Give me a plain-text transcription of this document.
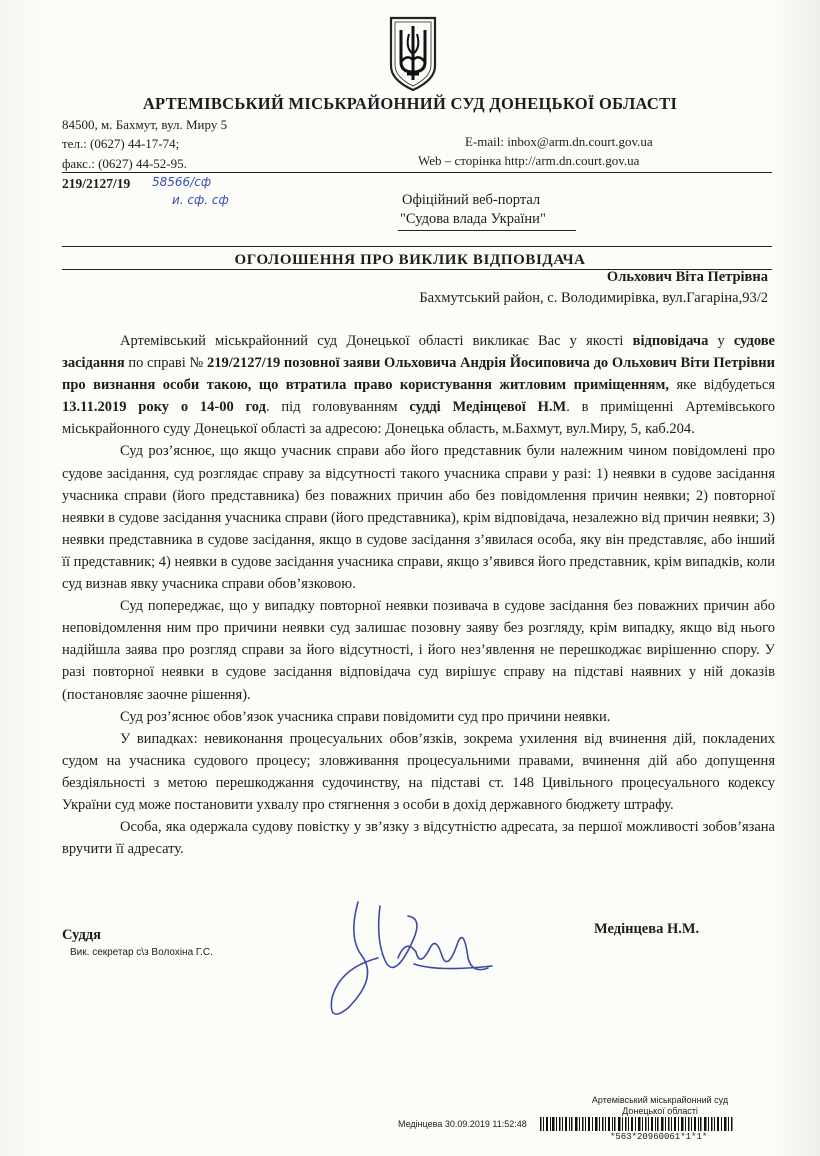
АРТЕМІВСЬКИЙ МІСЬКРАЙОННИЙ СУД ДОНЕЦЬКОЇ ОБЛАСТІ
84500, м. Бахмут, вул. Миру 5
тел.: (0627) 44-17-74;
факс.: (0627) 44-52-95.
E-mail: inbox@arm.dn.court.gov.ua
Web – сторінка http://arm.dn.court.gov.ua
219/2127/19 58566/сф
и. сф. сф	Офіційний веб-портал
"Судова влада України"
ОГОЛОШЕННЯ ПРО ВИКЛИК ВІДПОВІДАЧА
Ольхович Віта Петрівна
Бахмутський район, с. Володимирівка, вул.Гагаріна,93/2

Артемівський міськрайонний суд Донецької області викликає Вас у якості відповідача у судове засідання по справі № 219/2127/19 позовної заяви Ольховича Андрія Йосиповича до Ольхович Віти Петрівни про визнання особи такою, що втратила право користування житловим приміщенням, яке відбудеться 13.11.2019 року о 14-00 год. під головуванням судді Медінцевої Н.М. в приміщенні Артемівського міськрайонного суду Донецької області за адресою: Донецька область, м.Бахмут, вул.Миру, 5, каб.204.

Суд роз’яснює, що якщо учасник справи або його представник були належним чином повідомлені про судове засідання, суд розглядає справу за відсутності такого учасника справи у разі: 1) неявки в судове засідання учасника справи (його представника) без поважних причин або без повідомлення причин неявки; 2) повторної неявки в судове засідання учасника справи (його представника), крім відповідача, незалежно від причин неявки; 3) неявки представника в судове засідання, якщо в судове засідання з’явилася особа, яку він представляє, або інший її представник; 4) неявки в судове засідання учасника справи, якщо з’явився його представник, крім випадків, коли суд визнав явку учасника справи обов’язковою.

Суд попереджає, що у випадку повторної неявки позивача в судове засідання без поважних причин або неповідомлення ним про причини неявки суд залишає позовну заяву без розгляду, крім випадку, якщо від нього надійшла заява про розгляд справи за його відсутності, і його нез’явлення не перешкоджає вирішенню спору. У разі повторної неявки в судове засідання відповідача суд вирішує справу на підставі наявних у ній доказів (постановляє заочне рішення).

Суд роз’яснює обов’язок учасника справи повідомити суд про причини неявки.

У випадках: невиконання процесуальних обов’язків, зокрема ухилення від вчинення дій, покладених судом на учасника судового процесу; зловживання процесуальними правами, вчинення дій або допущення бездіяльності з метою перешкоджання судочинству, на підставі ст. 148 Цивільного процесуального кодексу України суд може постановити ухвалу про стягнення з особи в дохід державного бюджету штрафу.

Особа, яка одержала судову повістку у зв’язку з відсутністю адресата, за першої можливості зобов’язана вручити її адресату.

Суддя
Вик. секретар с\з Волохіна Г.С.
Медінцева Н.М.
Артемівський міськрайонний суд
Донецької області
Медінцева 30.09.2019 11:52:48
*563*20960061*1*1*
